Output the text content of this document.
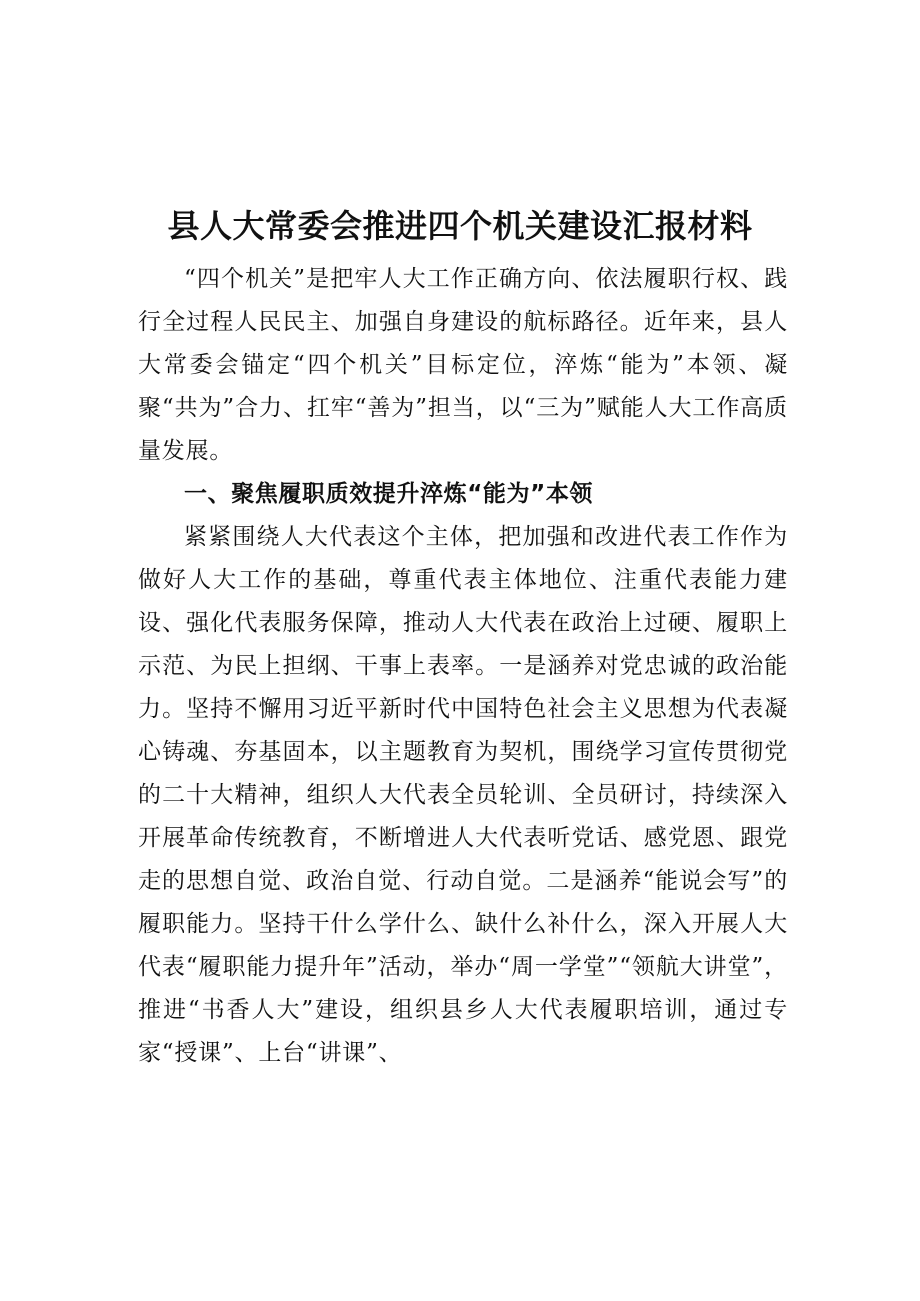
县人大常委会推进四个机关建设汇报材料

“四个机关”是把牢人大工作正确方向、依法履职行权、践行全过程人民民主、加强自身建设的航标路径。近年来，县人大常委会锚定“四个机关”目标定位，淬炼“能为”本领、凝聚“共为”合力、扛牢“善为”担当，以“三为”赋能人大工作高质量发展。

一、聚焦履职质效提升淬炼“能为”本领

紧紧围绕人大代表这个主体，把加强和改进代表工作作为做好人大工作的基础，尊重代表主体地位、注重代表能力建设、强化代表服务保障，推动人大代表在政治上过硬、履职上示范、为民上担纲、干事上表率。一是涵养对党忠诚的政治能力。坚持不懈用习近平新时代中国特色社会主义思想为代表凝心铸魂、夯基固本，以主题教育为契机，围绕学习宣传贯彻党的二十大精神，组织人大代表全员轮训、全员研讨，持续深入开展革命传统教育，不断增进人大代表听党话、感党恩、跟党走的思想自觉、政治自觉、行动自觉。二是涵养“能说会写”的履职能力。坚持干什么学什么、缺什么补什么，深入开展人大代表“履职能力提升年”活动，举办“周一学堂”“领航大讲堂”，推进“书香人大”建设，组织县乡人大代表履职培训，通过专家“授课”、上台“讲课”、
